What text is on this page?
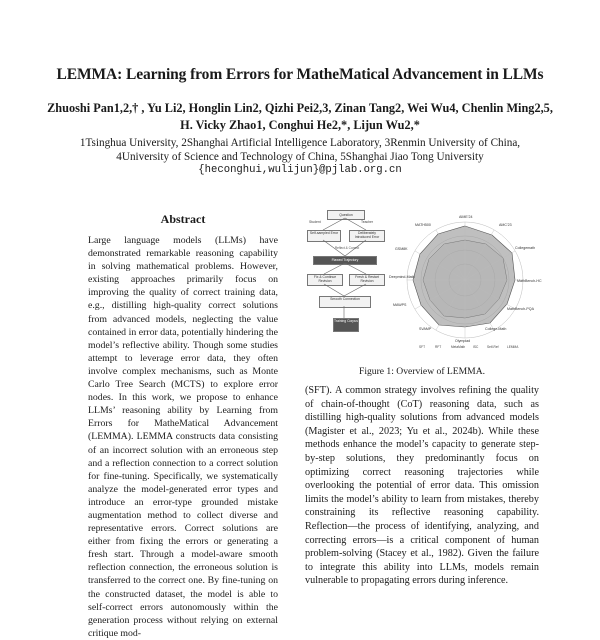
LEMMA: Learning from Errors for MatheMatical Advancement in LLMs
Zhuoshi Pan1,2,† , Yu Li2, Honglin Lin2, Qizhi Pei2,3, Zinan Tang2, Wei Wu4, Chenlin Ming2,5,
H. Vicky Zhao1, Conghui He2,*, Lijun Wu2,*
1Tsinghua University, 2Shanghai Artificial Intelligence Laboratory, 3Renmin University of China,
4University of Science and Technology of China, 5Shanghai Jiao Tong University
{heconghui,wulijun}@pjlab.org.cn
Abstract

Large language models (LLMs) have demonstrated remarkable reasoning capability in solving mathematical problems. However, existing approaches primarily focus on improving the quality of correct training data, e.g., distilling high-quality correct solutions from advanced models, neglecting the value contained in error data, potentially hindering the model’s reflective ability. Though some studies attempt to leverage error data, they often involve complex mechanisms, such as Monte Carlo Tree Search (MCTS) to explore error nodes. In this work, we propose to enhance LLMs’ reasoning ability by Learning from Errors for MatheMatical Advancement (LEMMA). LEMMA constructs data consisting of an incorrect solution with an erroneous step and a reflection connection to a correct solution for fine-tuning. Specifically, we systematically analyze the model-generated error types and introduce an error-type grounded mistake augmentation method to collect diverse and representative errors. Correct solutions are either from fixing the errors or generating a fresh start. Through a model-aware smooth reflection connection, the erroneous solution is transferred to the correct one. By fine-tuning on the constructed dataset, the model is able to self-correct errors autonomously within the generation process without relying on external critique mod-

Question
Student	Teacher
Self-sampled Error	Deliberately Introduced Error
Reflect & Correct
Flawed Trajectory
Fix & Continue Revision
Fresh & Restart Revision
Smooth Connection
Training Corpus
AIME'24
AMC'23
Collegemath
MathBench-HC
MathBench-PQA
College-Math
Olympiad
SVAMP
MAWPS
Deepmind-Math
GSM8K
MATH500
SFT	RFT	MetaMath ISC	Self-Ref	LEMMA
Figure 1: Overview of LEMMA.

(SFT). A common strategy involves refining the quality of chain-of-thought (CoT) reasoning data, such as distilling high-quality solutions from advanced models (Magister et al., 2023; Yu et al., 2024b). While these methods enhance the model’s capacity to generate step-by-step solutions, they predominantly focus on optimizing correct reasoning trajectories while overlooking the potential of error data. This omission limits the model’s ability to learn from mistakes, thereby constraining its reflective reasoning capability. Reflection—the process of identifying, analyzing, and correcting errors—is a critical component of human problem-solving (Stacey et al., 1982). Given the failure to integrate this ability into LLMs, models remain vulnerable to propagating errors during inference.
